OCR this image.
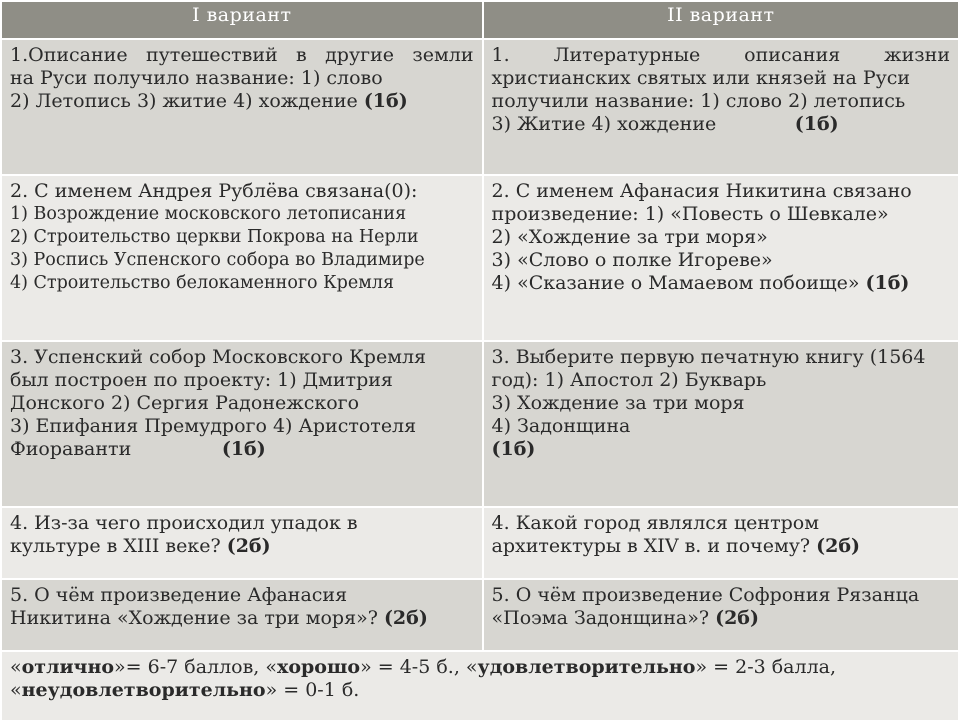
I вариант	II вариант

1.Описание путешествий в другие земли
на Руси получило название: 1) слово
2) Летопись 3) житие 4) хождение (1б)	1. Литературные описания жизни
христианских святых или князей на Руси
получили название: 1) слово 2) летопись
3) Житие 4) хождение             (1б)

2. С именем Андрея Рублёва связана(0):
1) Возрождение московского летописания
2) Строительство церкви Покрова на Нерли
3) Роспись Успенского собора во Владимире
4) Строительство белокаменного Кремля	2. С именем Афанасия Никитина связано
произведение: 1) «Повесть о Шевкале»
2) «Хождение за три моря»
3) «Слово о полке Игореве»
4) «Сказание о Мамаевом побоище» (1б)

3. Успенский собор Московского Кремля
был построен по проекту: 1) Дмитрия
Донского 2) Сергия Радонежского
3) Епифания Премудрого 4) Аристотеля
Фиораванти               (1б)	3. Выберите первую печатную книгу (1564
год): 1) Апостол 2) Букварь
3) Хождение за три моря
4) Задонщина
(1б)

4. Из-за чего происходил упадок в
культуре в XIII веке? (2б)	4. Какой город являлся центром
архитектуры в XIV в. и почему? (2б)

5. О чём произведение Афанасия
Никитина «Хождение за три моря»? (2б)	5. О чём произведение Софрония Рязанца
«Поэма Задонщина»? (2б)

«отлично»= 6-7 баллов, «хорошо» = 4-5 б., «удовлетворительно» = 2-3 балла,
«неудовлетворительно» = 0-1 б.	
